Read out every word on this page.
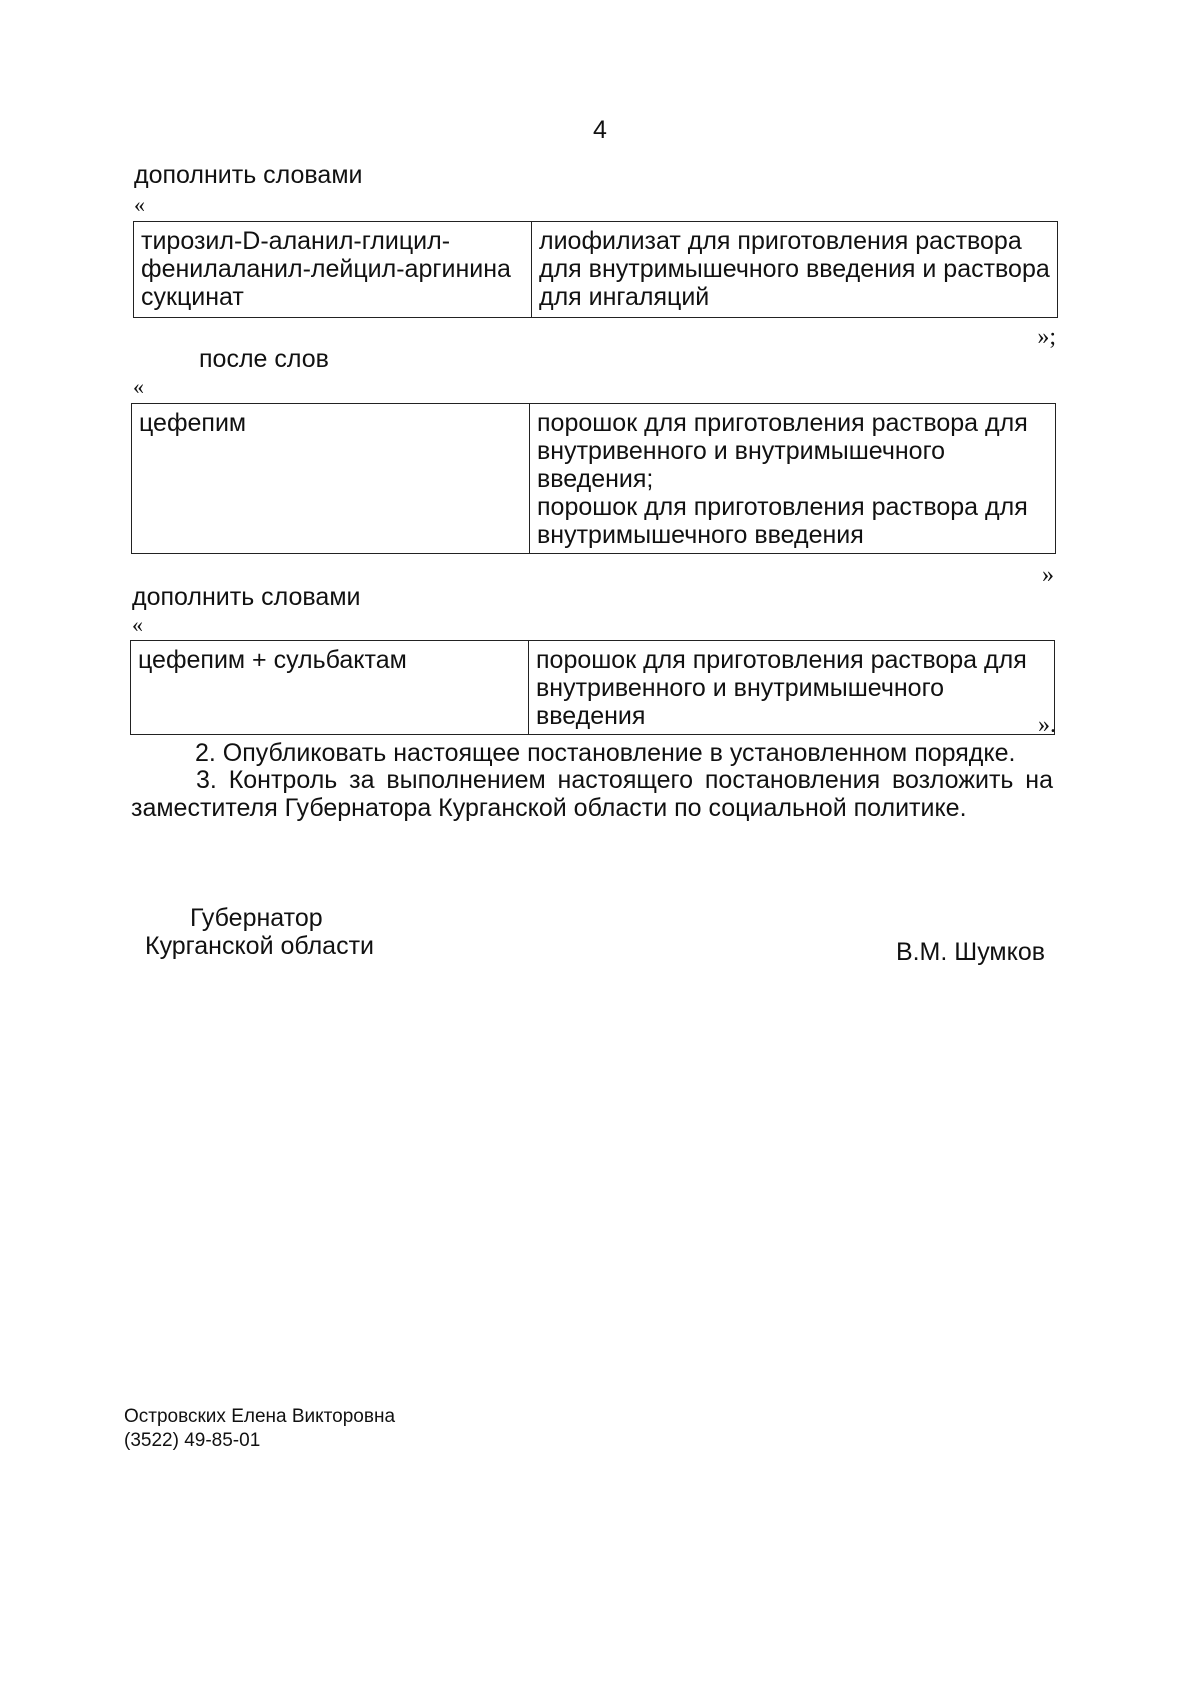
4
дополнить словами
«
тирозил-D-аланил-глицил-фенилаланил-лейцил-аргинина сукцинат	лиофилизат для приготовления раствора для внутримышечного введения и раствора для ингаляций
»;
после слов
«
цефепим	порошок для приготовления раствора для внутривенного и внутримышечного введения;
порошок для приготовления раствора для внутримышечного введения
»
дополнить словами
«
цефепим + сульбактам	порошок для приготовления раствора для внутривенного и внутримышечного введения	».
2. Опубликовать настоящее постановление в установленном порядке.
3. Контроль за выполнением настоящего постановления возложить на заместителя Губернатора Курганской области по социальной политике.
Губернатор
Курганской области	В.М. Шумков
Островских Елена Викторовна
(3522) 49-85-01
